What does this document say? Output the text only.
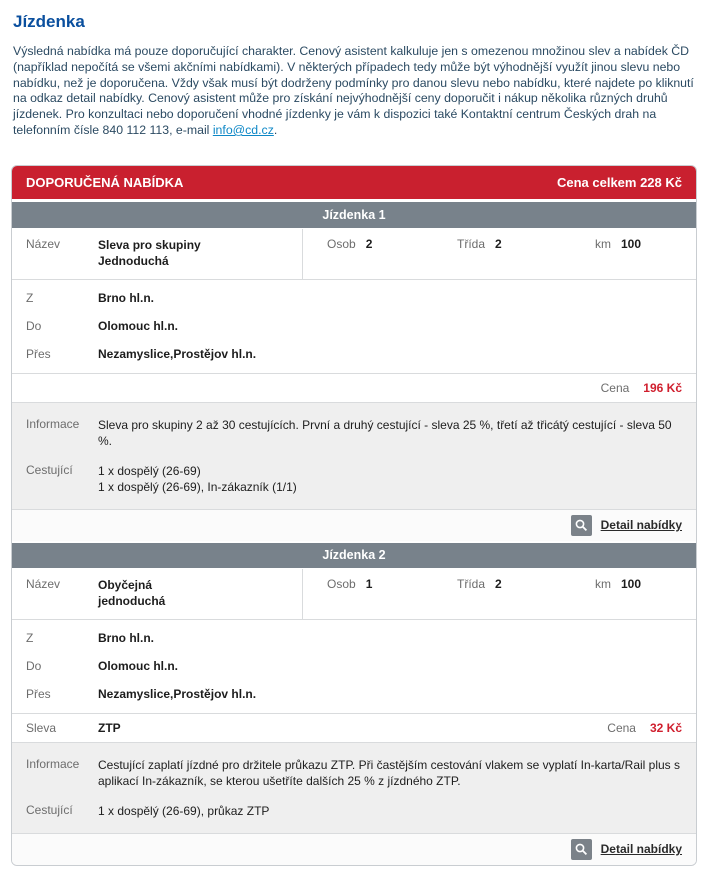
Jízdenka

Výsledná nabídka má pouze doporučující charakter. Cenový asistent kalkuluje jen s omezenou množinou slev a nabídek ČD (například nepočítá se všemi akčními nabídkami). V některých případech tedy může být výhodnější využít jinou slevu nebo nabídku, než je doporučena. Vždy však musí být dodrženy podmínky pro danou slevu nebo nabídku, které najdete po kliknutí na odkaz detail nabídky. Cenový asistent může pro získání nejvýhodnější ceny doporučit i nákup několika různých druhů jízdenek. Pro konzultaci nebo doporučení vhodné jízdenky je vám k dispozici také Kontaktní centrum Českých drah na telefonním čísle 840 112 113, e-mail info@cd.cz.

DOPORUČENÁ NABÍDKA	Cena celkem 228 Kč
Jízdenka 1
Název	Sleva pro skupiny
Jednoduchá
Osob 2	Třída 2	km 100
Z	Brno hl.n.
Do	Olomouc hl.n.
Přes	Nezamyslice,Prostějov hl.n.
Cena 196 Kč
Informace	Sleva pro skupiny 2 až 30 cestujících. První a druhý cestující - sleva 25 %, třetí až třicátý cestující - sleva 50 %.
Cestující	1 x dospělý (26-69)
1 x dospělý (26-69), In-zákazník (1/1)
Detail nabídky
Jízdenka 2
Název	Obyčejná
jednoduchá
Osob 1	Třída 2	km 100
Z	Brno hl.n.
Do	Olomouc hl.n.
Přes	Nezamyslice,Prostějov hl.n.
Sleva	ZTP	Cena 32 Kč
Informace	Cestující zaplatí jízdné pro držitele průkazu ZTP. Při častějším cestování vlakem se vyplatí In-karta/Rail plus s aplikací In-zákazník, se kterou ušetříte dalších 25 % z jízdného ZTP.
Cestující	1 x dospělý (26-69), průkaz ZTP
Detail nabídky
